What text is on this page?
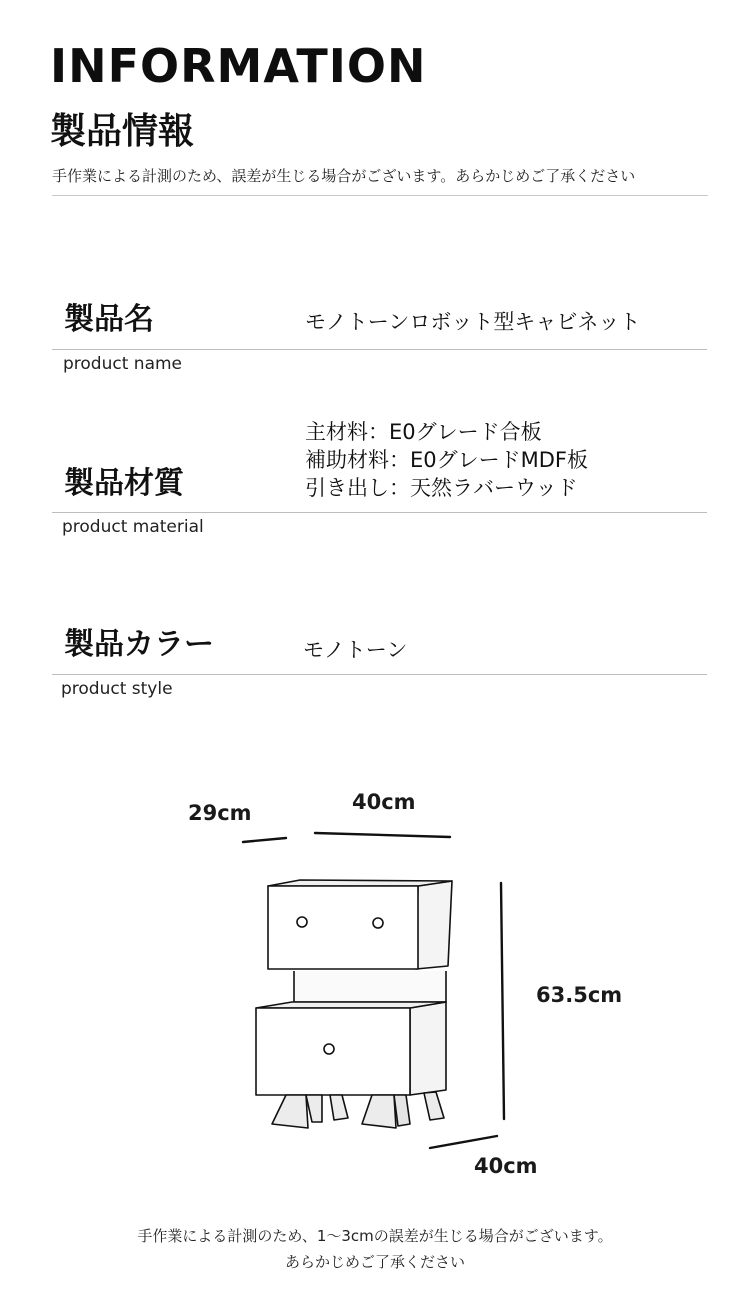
INFORMATION
製品情報
手作業による計測のため、誤差が生じる場合がございます。あらかじめご了承ください
製品名	モノトーンロボット型キャビネット
product name
製品材質
主材料：E0グレード合板
補助材料：E0グレードMDF板
引き出し：天然ラバーウッド
product material
製品カラー	モノトーン
product style
29cm	40cm
63.5cm
40cm
手作業による計測のため、1〜3cmの誤差が生じる場合がございます。
あらかじめご了承ください
